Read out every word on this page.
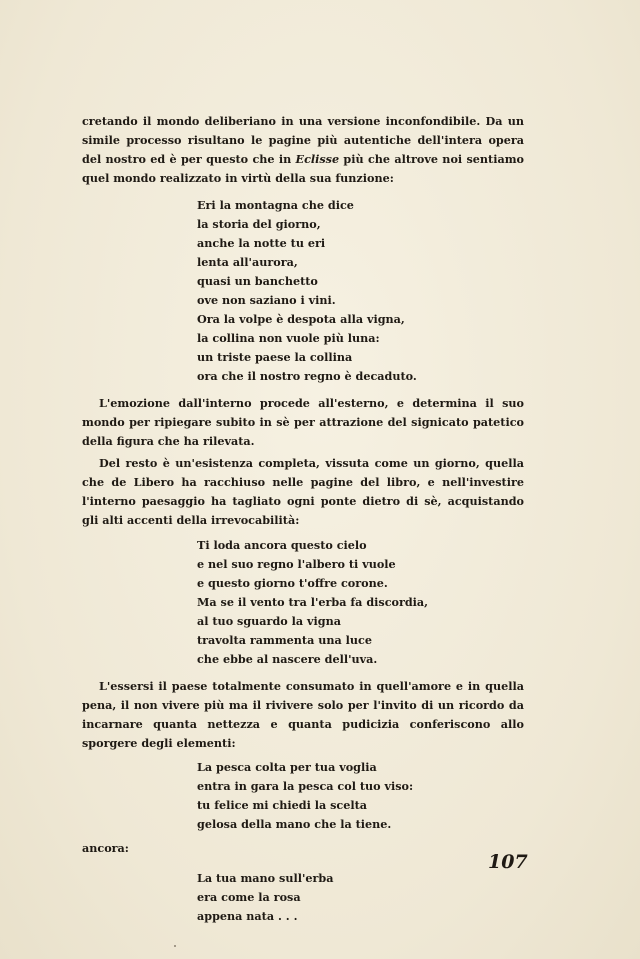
cretando il mondo deliberiano in una versione inconfondibile. Da un simile processo risultano le pagine più autentiche dell'intera opera del nostro ed è per questo che in Eclisse più che altrove noi sentiamo quel mondo realizzato in virtù della sua funzione:

Eri la montagna che dice
la storia del giorno,
anche la notte tu eri
lenta all'aurora,
quasi un banchetto
ove non saziano i vini.
Ora la volpe è despota alla vigna,
la collina non vuole più luna:
un triste paese la collina
ora che il nostro regno è decaduto.

L'emozione dall'interno procede all'esterno, e determina il suo mondo per ripiegare subito in sè per attrazione del signicato patetico della figura che ha rilevata.

Del resto è un'esistenza completa, vissuta come un giorno, quella che de Libero ha racchiuso nelle pagine del libro, e nell'investire l'interno paesaggio ha tagliato ogni ponte dietro di sè, acquistando gli alti accenti della irrevocabilità:

Ti loda ancora questo cielo
e nel suo regno l'albero ti vuole
e questo giorno t'offre corone.
Ma se il vento tra l'erba fa discordia,
al tuo sguardo la vigna
travolta rammenta una luce
che ebbe al nascere dell'uva.

L'essersi il paese totalmente consumato in quell'amore e in quella pena, il non vivere più ma il rivivere solo per l'invito di un ricordo da incarnare quanta nettezza e quanta pudicizia conferiscono allo sporgere degli elementi:

La pesca colta per tua voglia
entra in gara la pesca col tuo viso:
tu felice mi chiedi la scelta
gelosa della mano che la tiene.

ancora:

La tua mano sull'erba
era come la rosa
appena nata . . .
107
